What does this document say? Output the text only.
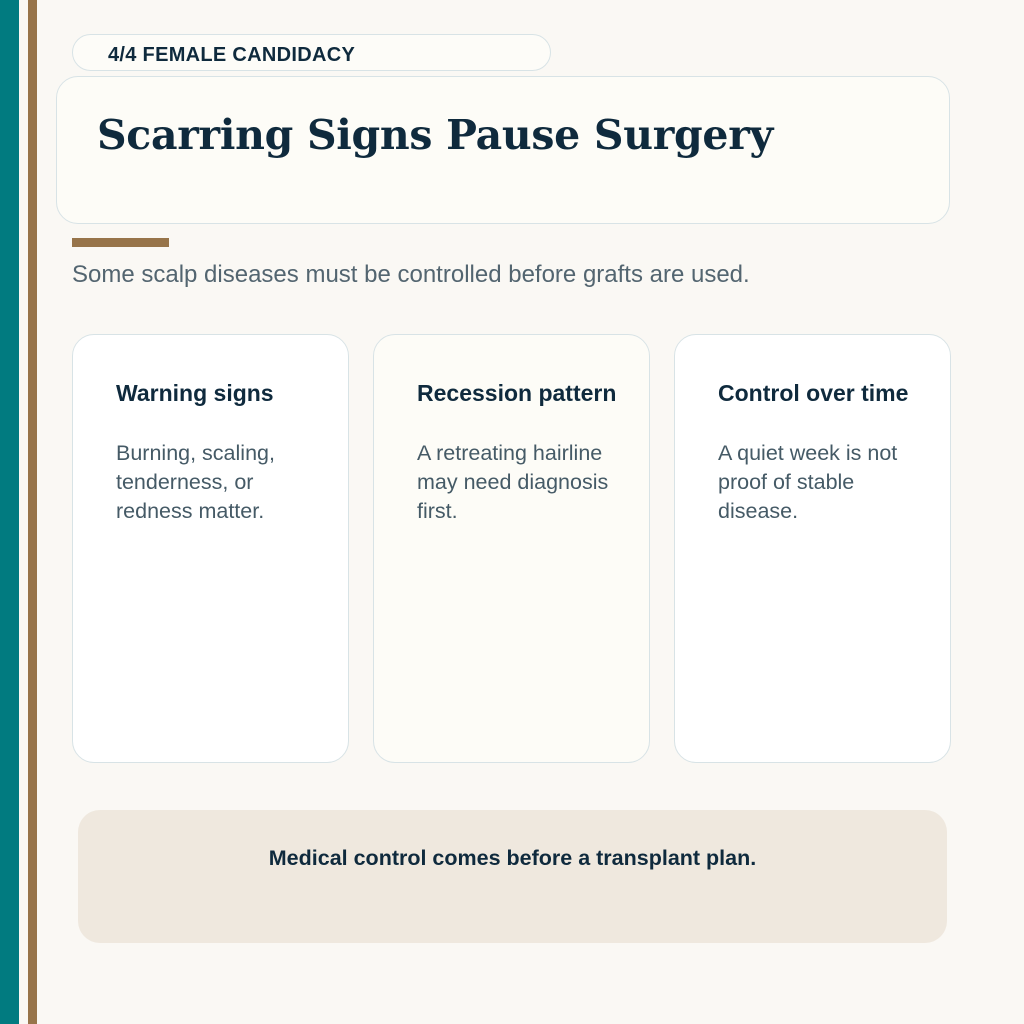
4/4 FEMALE CANDIDACY
Scarring Signs Pause Surgery

Some scalp diseases must be controlled before grafts are used.

Warning signs

Burning, scaling, tenderness, or redness matter.

Recession pattern

A retreating hairline may need diagnosis first.

Control over time

A quiet week is not proof of stable disease.

Medical control comes before a transplant plan.
